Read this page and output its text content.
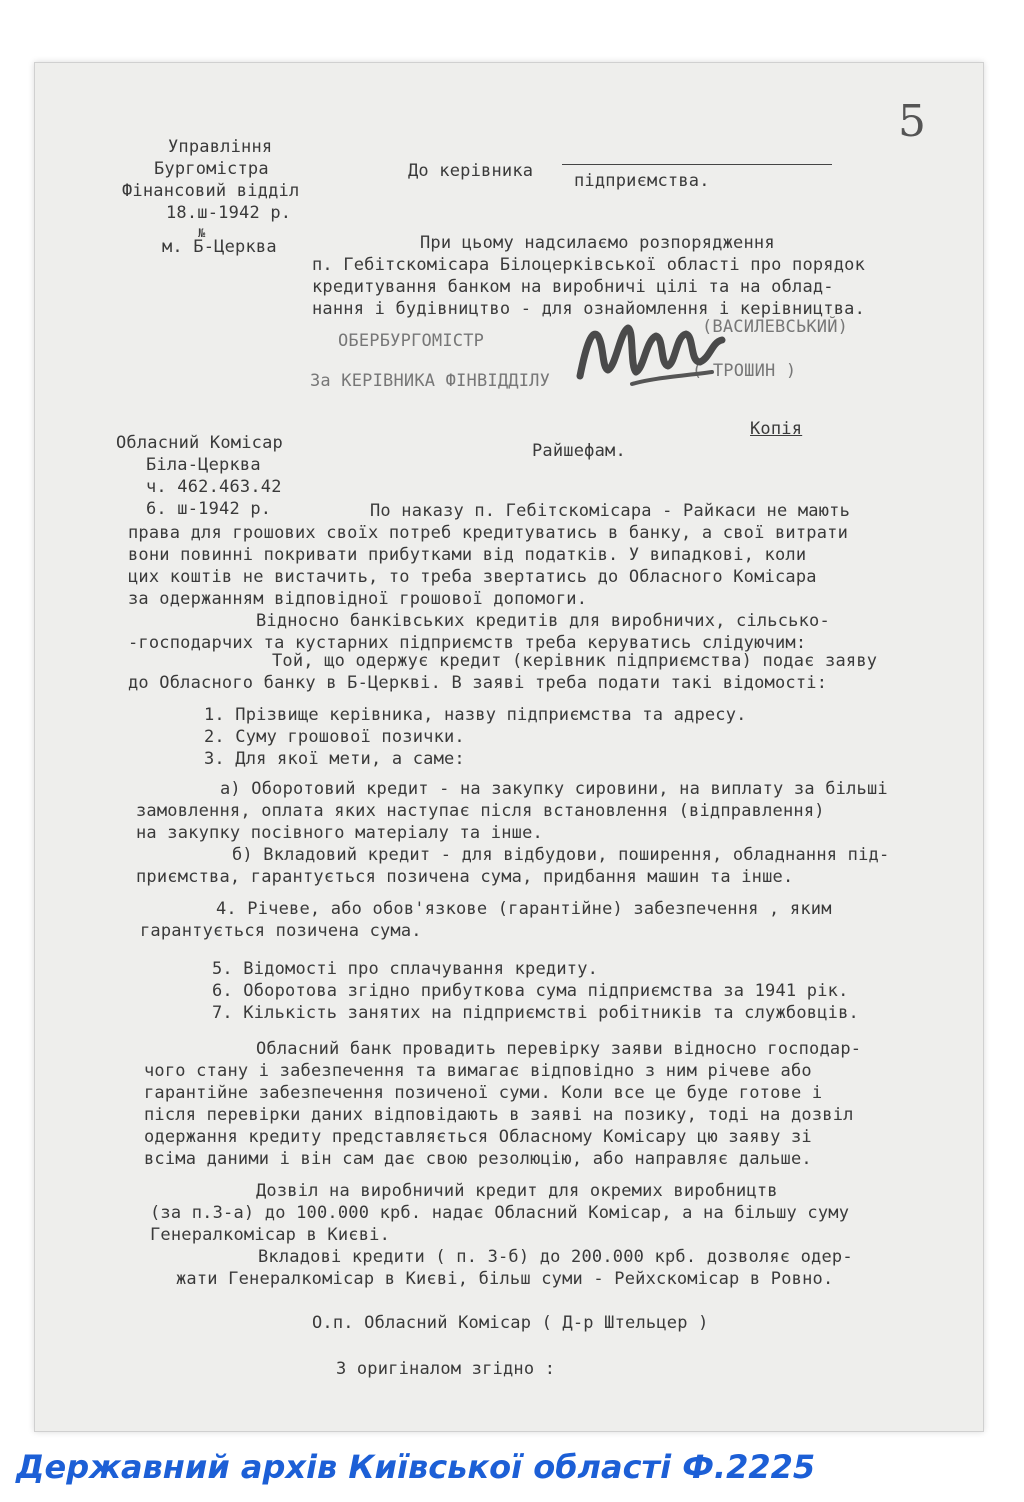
5
Управління
Бургомістра
Фінансовий відділ
18.ш-1942 р.
№
м. Б-Церква
До керівника підприємства.
При цьому надсилаємо розпорядження
п. Гебітскомісара Білоцерківської області про порядок
кредитування банком на виробничі цілі та на облад-
нання і будівництво - для ознайомлення і керівництва.
ОБЕРБУРГОМІСТР
(ВАСИЛЕВСЬКИЙ)
За КЕРІВНИКА ФІНВІДДІЛУ	( ТРОШИН )
Копія
Обласний Комісар
Біла-Церква
ч. 462.463.42
6. ш-1942 р.
Райшефам.
По наказу п. Гебітскомісара - Райкаси не мають
права для грошових своїх потреб кредитуватись в банку, а свої витрати
вони повинні покривати прибутками від податків. У випадкові, коли
цих коштів не вистачить, то треба звертатись до Обласного Комісара
за одержанням відповідної грошової допомоги.
Відносно банківських кредитів для виробничих, сільсько-
-господарчих та кустарних підприємств треба керуватись слідуючим:
Той, що одержує кредит (керівник підприємства) подає заяву
до Обласного банку в Б-Церкві. В заяві треба подати такі відомості:
1. Прізвище керівника, назву підприємства та адресу.
2. Суму грошової позички.
3. Для якої мети, а саме:
а) Оборотовий кредит - на закупку сировини, на виплату за більші
замовлення, оплата яких наступає після встановлення (відправлення)
на закупку посівного матеріалу та інше.
б) Вкладовий кредит - для відбудови, поширення, обладнання під-
приємства, гарантується позичена сума, придбання машин та інше.
4. Річеве, або обов'язкове (гарантійне) забезпечення , яким
гарантується позичена сума.
5. Відомості про сплачування кредиту.
6. Оборотова згідно прибуткова сума підприємства за 1941 рік.
7. Кількість занятих на підприємстві робітників та службовців.
Обласний банк провадить перевірку заяви відносно господар-
чого стану і забезпечення та вимагає відповідно з ним річеве або
гарантійне забезпечення позиченої суми. Коли все це буде готове і
після перевірки даних відповідають в заяві на позику, тоді на дозвіл
одержання кредиту представляється Обласному Комісару цю заяву зі
всіма даними і він сам дає свою резолюцію, або направляє дальше.
Дозвіл на виробничий кредит для окремих виробництв
(за п.3-а) до 100.000 крб. надає Обласний Комісар, а на більшу суму
Генералкомісар в Києві.
Вкладові кредити ( п. 3-б) до 200.000 крб. дозволяє одер-
жати Генералкомісар в Києві, більш суми - Рейхскомісар в Ровно.
О.п. Обласний Комісар ( Д-р Штельцер )
З оригіналом згідно :
Державний архів Київської області Ф.2225
